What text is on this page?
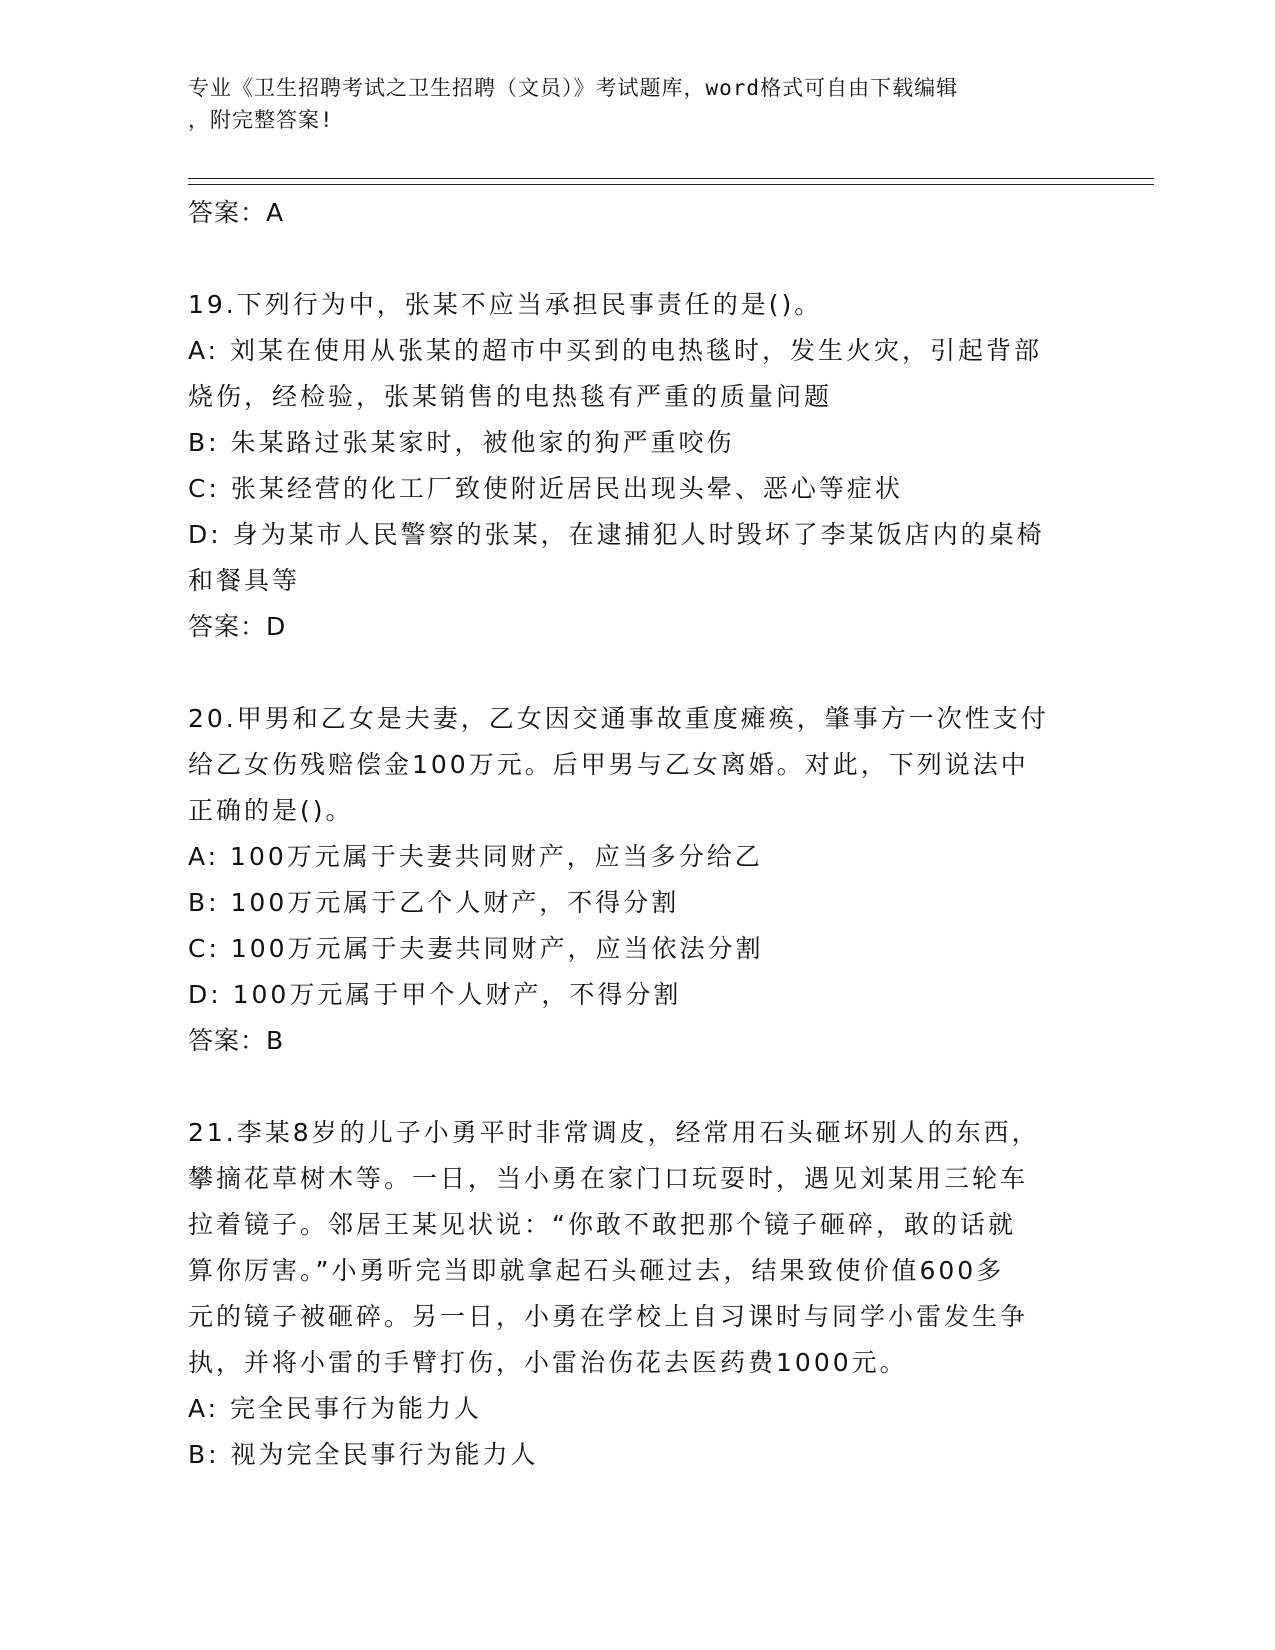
专业《卫生招聘考试之卫生招聘（文员）》考试题库，word格式可自由下载编辑
，附完整答案!
答案：A
19.下列行为中，张某不应当承担民事责任的是()。
A: 刘某在使用从张某的超市中买到的电热毯时，发生火灾，引起背部
烧伤，经检验，张某销售的电热毯有严重的质量问题
B: 朱某路过张某家时，被他家的狗严重咬伤
C: 张某经营的化工厂致使附近居民出现头晕、恶心等症状
D: 身为某市人民警察的张某，在逮捕犯人时毁坏了李某饭店内的桌椅
和餐具等
答案：D
20.甲男和乙女是夫妻，乙女因交通事故重度瘫痪，肇事方一次性支付
给乙女伤残赔偿金100万元。后甲男与乙女离婚。对此，下列说法中
正确的是()。
A: 100万元属于夫妻共同财产，应当多分给乙
B: 100万元属于乙个人财产，不得分割
C: 100万元属于夫妻共同财产，应当依法分割
D: 100万元属于甲个人财产，不得分割
答案：B
21.李某8岁的儿子小勇平时非常调皮，经常用石头砸坏别人的东西，
攀摘花草树木等。一日，当小勇在家门口玩耍时，遇见刘某用三轮车
拉着镜子。邻居王某见状说：“你敢不敢把那个镜子砸碎，敢的话就
算你厉害。”小勇听完当即就拿起石头砸过去，结果致使价值600多
元的镜子被砸碎。另一日，小勇在学校上自习课时与同学小雷发生争
执，并将小雷的手臂打伤，小雷治伤花去医药费1000元。
A: 完全民事行为能力人
B: 视为完全民事行为能力人
